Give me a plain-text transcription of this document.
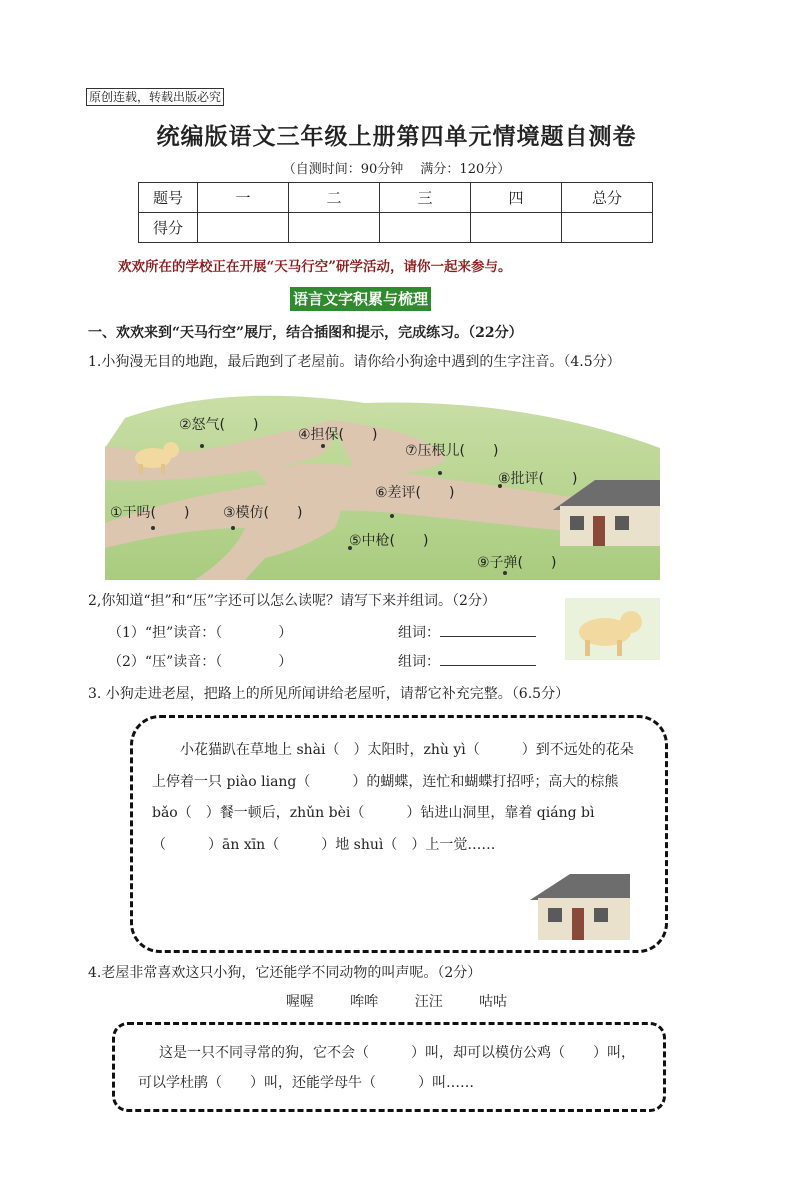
原创连载，转载出版必究
统编版语文三年级上册第四单元情境题自测卷
（自测时间：90分钟　 满分：120分）
题号	一	二	三	四	总分
得分					
欢欢所在的学校正在开展“天马行空”研学活动，请你一起来参与。
语言文字积累与梳理
一、欢欢来到“天马行空”展厅，结合插图和提示，完成练习。（22分）
1.小狗漫无目的地跑，最后跑到了老屋前。请你给小狗途中遇到的生字注音。（4.5分）
②怒气(　　)
④担保(　　)
⑦压根儿(　　)
⑧批评(　　)
⑥差评(　　)
①干吗(　　) ③模仿(　　)
⑤中枪(　　)
⑨子弹(　　)
2,你知道“担”和“压”字还可以怎么读呢？请写下来并组词。（2分）
（1）“担”读音：（　　　　）	组词：
（2）“压”读音：（　　　　）	组词：
3. 小狗走进老屋，把路上的所见所闻讲给老屋听，请帮它补充完整。（6.5分）
小花猫趴在草地上 shài（　）太阳时，zhù yì（　　　）到不远处的花朵上停着一只 piào liang（　　　）的蝴蝶，连忙和蝴蝶打招呼；高大的棕熊 bǎo（　）餐一顿后，zhǔn bèi（　　　）钻进山洞里，靠着 qiáng bì（　　　）ān xīn（　　　）地 shuì（　）上一觉……
4.老屋非常喜欢这只小狗，它还能学不同动物的叫声呢。（2分）
喔喔	哞哞	汪汪	咕咕
这是一只不同寻常的狗，它不会（　　　）叫，却可以模仿公鸡（　　）叫，可以学杜鹃（　　）叫，还能学母牛（　　　）叫……
